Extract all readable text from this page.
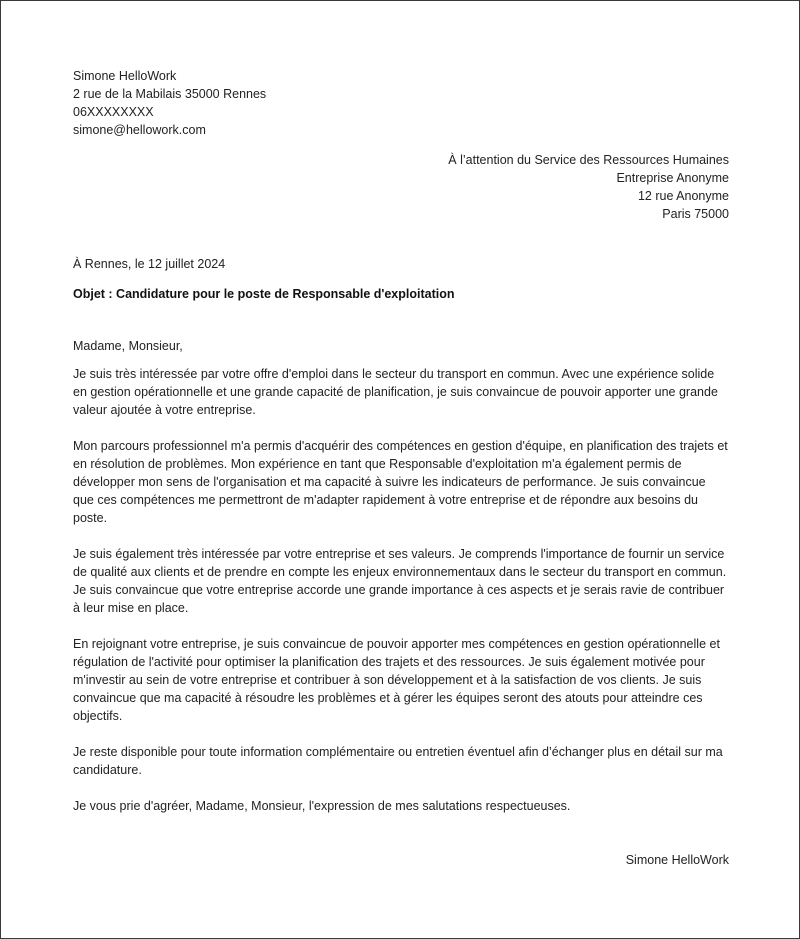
Simone HelloWork
2 rue de la Mabilais 35000 Rennes
06XXXXXXXX
simone@hellowork.com
À l’attention du Service des Ressources Humaines
Entreprise Anonyme
12 rue Anonyme
Paris 75000
À Rennes, le 12 juillet 2024
Objet : Candidature pour le poste de Responsable d'exploitation
Madame, Monsieur,

Je suis très intéressée par votre offre d'emploi dans le secteur du transport en commun. Avec une expérience solide en gestion opérationnelle et une grande capacité de planification, je suis convaincue de pouvoir apporter une grande valeur ajoutée à votre entreprise.

Mon parcours professionnel m'a permis d'acquérir des compétences en gestion d'équipe, en planification des trajets et en résolution de problèmes. Mon expérience en tant que Responsable d'exploitation m'a également permis de développer mon sens de l'organisation et ma capacité à suivre les indicateurs de performance. Je suis convaincue que ces compétences me permettront de m'adapter rapidement à votre entreprise et de répondre aux besoins du poste.

Je suis également très intéressée par votre entreprise et ses valeurs. Je comprends l'importance de fournir un service de qualité aux clients et de prendre en compte les enjeux environnementaux dans le secteur du transport en commun. Je suis convaincue que votre entreprise accorde une grande importance à ces aspects et je serais ravie de contribuer à leur mise en place.

En rejoignant votre entreprise, je suis convaincue de pouvoir apporter mes compétences en gestion opérationnelle et régulation de l'activité pour optimiser la planification des trajets et des ressources. Je suis également motivée pour m'investir au sein de votre entreprise et contribuer à son développement et à la satisfaction de vos clients. Je suis convaincue que ma capacité à résoudre les problèmes et à gérer les équipes seront des atouts pour atteindre ces objectifs.

Je reste disponible pour toute information complémentaire ou entretien éventuel afin d’échanger plus en détail sur ma candidature.

Je vous prie d'agréer, Madame, Monsieur, l'expression de mes salutations respectueuses.

Simone HelloWork
